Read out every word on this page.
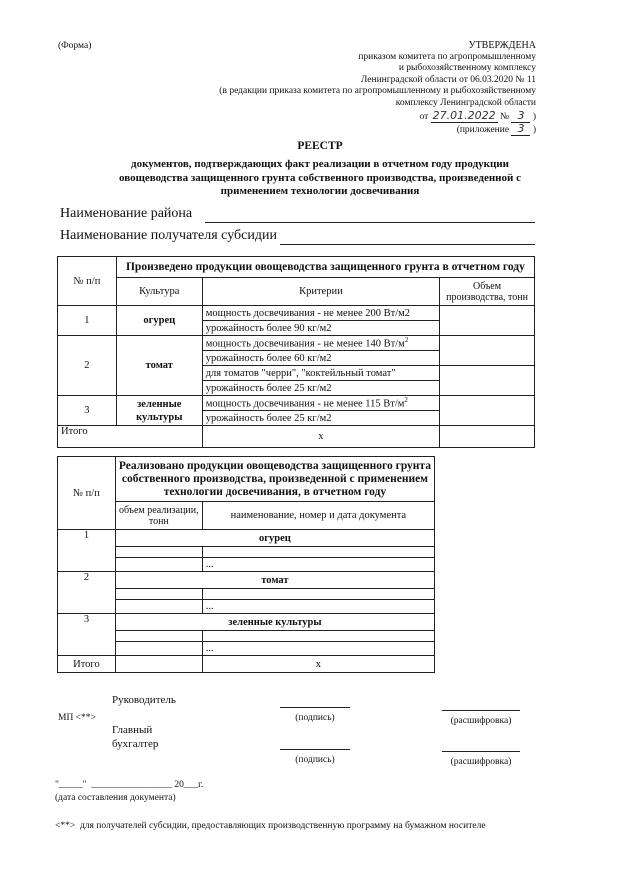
(Форма)	УТВЕРЖДЕНА
приказом комитета по агропромышленному
и рыбохозяйственному комплексу
Ленинградской области от 06.03.2020 № 11
(в редакции приказа комитета по агропромышленному и рыбохозяйственному
комплексу Ленинградской области
от 27.01.2022 № 3 )
(приложение 3 )
РЕЕСТР
документов, подтверждающих факт реализации в отчетном году продукции
овощеводства защищенного грунта собственного производства, произведенной с
применением технологии досвечивания
Наименование района
Наименование получателя субсидии
№ п/п	Произведено продукции овощеводства защищенного грунта в отчетном году		
	Культура	Критерии	Объем производства, тонн
1	огурец	мощность досвечивания - не менее 200 Вт/м2	
		урожайность более 90 кг/м2	
2	томат	мощность досвечивания - не менее 140 $Вт/м^2$	
		урожайность более 60 кг/м2	
		для томатов "черри", "коктейльный томат"	
		урожайность более 25 кг/м2	
3	зеленные культуры	мощность досвечивания - не менее 115 $Вт/м^2$	
		урожайность более 25 кг/м2	
Итого		x	
№ п/п	Реализовано продукции овощеводства защищенного грунта собственного производства, произведенной с применением технологии досвечивания, в отчетном году	
	объем реализации, тонн	наименование, номер и дата документа
1	огурец	

		...
2	томат	

		...
3	зеленные культуры	

		...
Итого		x
Руководитель
МП <**>	(подпись)	(расшифровка)
Главный
бухгалтер
(подпись)	(расшифровка)
"_____"  _________________ 20___г.
(дата составления документа)
<**>  для получателей субсидии, предоставляющих производственную программу на бумажном носителе
